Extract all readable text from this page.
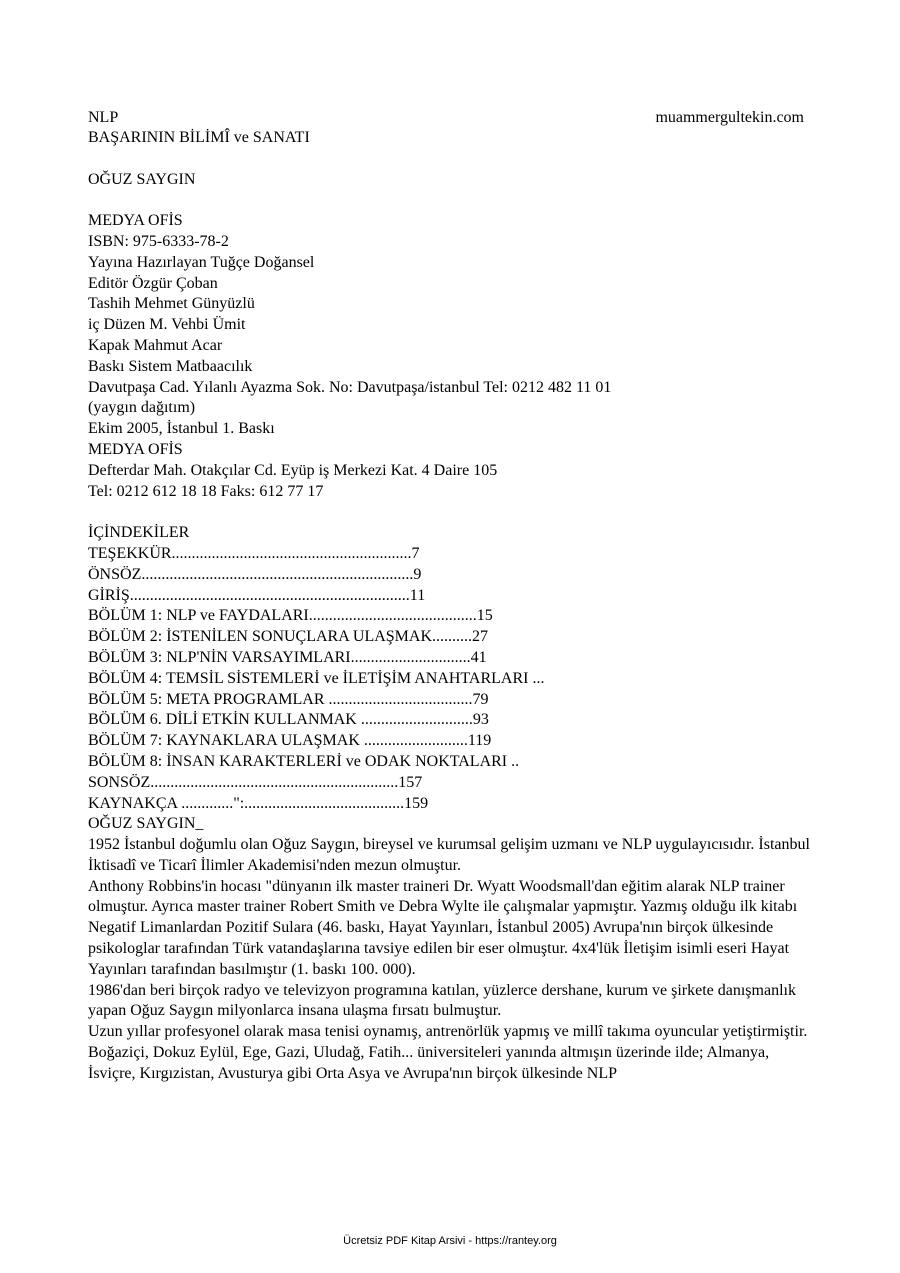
NLP	muammergultekin.com
BAŞARININ BİLİMÎ ve SANATI
OĞUZ SAYGIN
MEDYA OFİS
ISBN: 975-6333-78-2
Yayına Hazırlayan Tuğçe Doğansel
Editör Özgür Çoban
Tashih Mehmet Günyüzlü
iç Düzen M. Vehbi Ümit
Kapak Mahmut Acar
Baskı Sistem Matbaacılık
Davutpaşa Cad. Yılanlı Ayazma Sok. No: Davutpaşa/istanbul Tel: 0212 482 11 01
(yaygın dağıtım)
Ekim 2005, İstanbul 1. Baskı
MEDYA OFİS
Defterdar Mah. Otakçılar Cd. Eyüp iş Merkezi Kat. 4 Daire 105
Tel: 0212 612 18 18 Faks: 612 77 17
İÇİNDEKİLER
TEŞEKKÜR............................................................7
ÖNSÖZ....................................................................9
GİRİŞ......................................................................11
BÖLÜM 1: NLP ve FAYDALARI..........................................15
BÖLÜM 2: İSTENİLEN SONUÇLARA ULAŞMAK..........27
BÖLÜM 3: NLP'NİN VARSAYIMLARI..............................41
BÖLÜM 4: TEMSİL SİSTEMLERİ ve İLETİŞİM ANAHTARLARI ...
BÖLÜM 5: META PROGRAMLAR ....................................79
BÖLÜM 6. DİLİ ETKİN KULLANMAK ............................93
BÖLÜM 7: KAYNAKLARA ULAŞMAK ..........................119
BÖLÜM 8: İNSAN KARAKTERLERİ ve ODAK NOKTALARI ..
SONSÖZ..............................................................157
KAYNAKÇA .............":........................................159
OĞUZ SAYGIN_
1952 İstanbul doğumlu olan Oğuz Saygın, bireysel ve kurumsal gelişim uzmanı ve NLP uygulayıcısıdır. İstanbul İktisadî ve Ticarî İlimler Akademisi'nden mezun olmuştur.
Anthony Robbins'in hocası "dünyanın ilk master traineri Dr. Wyatt Woodsmall'dan eğitim alarak NLP trainer olmuştur. Ayrıca master trainer Robert Smith ve Debra Wylte ile çalışmalar yapmıştır. Yazmış olduğu ilk kitabı Negatif Limanlardan Pozitif Sulara (46. baskı, Hayat Yayınları, İstanbul 2005) Avrupa'nın birçok ülkesinde psikologlar tarafından Türk vatandaşlarına tavsiye edilen bir eser olmuştur. 4x4'lük İletişim isimli eseri Hayat Yayınları tarafından basılmıştır (1. baskı 100. 000).
1986'dan beri birçok radyo ve televizyon programına katılan, yüzlerce dershane, kurum ve şirkete danışmanlık yapan Oğuz Saygın milyonlarca insana ulaşma fırsatı bulmuştur.
Uzun yıllar profesyonel olarak masa tenisi oynamış, antrenörlük yapmış ve millî takıma oyuncular yetiştirmiştir.
Boğaziçi, Dokuz Eylül, Ege, Gazi, Uludağ, Fatih... üniversiteleri yanında altmışın üzerinde ilde; Almanya, İsviçre, Kırgızistan, Avusturya gibi Orta Asya ve Avrupa'nın birçok ülkesinde NLP
Ücretsiz PDF Kitap Arsivi - https://rantey.org
